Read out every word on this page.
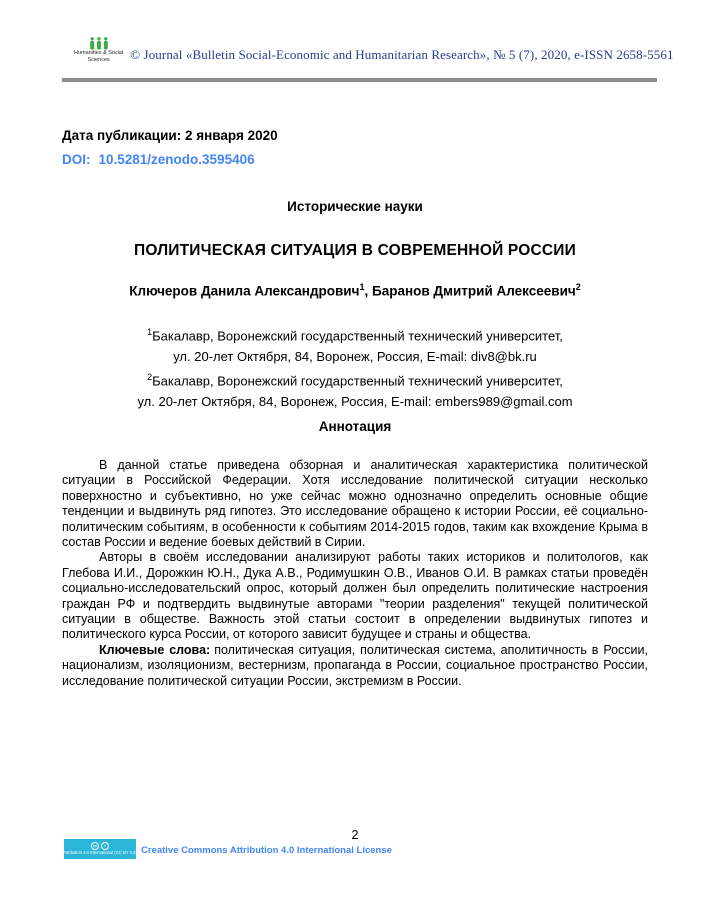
Humanities & Social
Sciences	© Journal «Bulletin Social-Economic and Humanitarian Research», № 5 (7), 2020, e-ISSN 2658-5561
Дата публикации: 2 января 2020
DOI: 10.5281/zenodo.3595406
Исторические науки
ПОЛИТИЧЕСКАЯ СИТУАЦИЯ В СОВРЕМЕННОЙ РОССИИ
Ключеров Данила Александрович$^1$, Баранов Дмитрий Алексеевич$^2$
$^1$Бакалавр, Воронежский государственный технический университет,
ул. 20-лет Октября, 84, Воронеж, Россия, E-mail: div8@bk.ru
$^2$Бакалавр, Воронежский государственный технический университет,
ул. 20-лет Октября, 84, Воронеж, Россия, E-mail: embers989@gmail.com
Аннотация

В данной статье приведена обзорная и аналитическая характеристика политической ситуации в Российской Федерации. Хотя исследование политической ситуации несколько поверхностно и субъективно, но уже сейчас можно однозначно определить основные общие тенденции и выдвинуть ряд гипотез. Это исследование обращено к истории России, её социально-политическим событиям, в особенности к событиям 2014-2015 годов, таким как вхождение Крыма в состав России и ведение боевых действий в Сирии.

Авторы в своём исследовании анализируют работы таких историков и политологов, как Глебова И.И., Дорожкин Ю.Н., Дука А.В., Родимушкин О.В., Иванов О.И. В рамках статьи проведён социально-исследовательский опрос, который должен был определить политические настроения граждан РФ и подтвердить выдвинутые авторами "теории разделения" текущей политической ситуации в обществе. Важность этой статьи состоит в определении выдвинутых гипотез и политического курса России, от которого зависит будущее и страны и общества.

Ключевые слова: политическая ситуация, политическая система, аполитичность в России, национализм, изоляционизм, вестернизм, пропаганда в России, социальное пространство России, исследование политической ситуации России, экстремизм в России.

2
cc	i
Attribution 4.0 International (CC BY 4.0) Creative Commons Attribution 4.0 International License
